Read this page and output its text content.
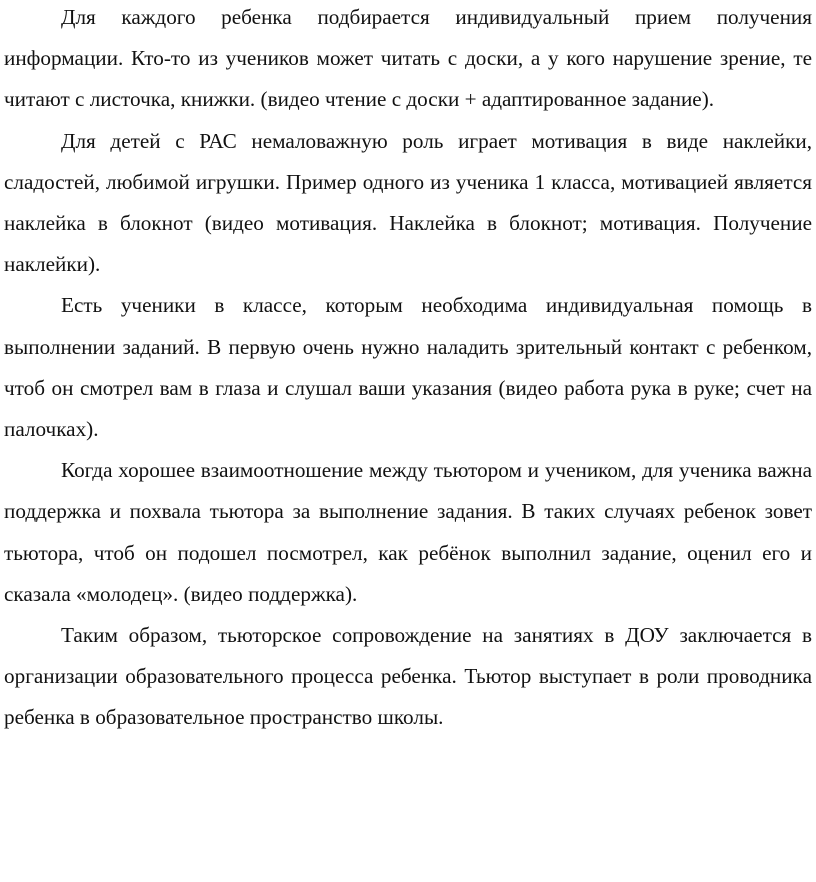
Для каждого ребенка подбирается индивидуальный прием получения информации. Кто-то из учеников может читать с доски, а у кого нарушение зрение, те читают с листочка, книжки. (видео чтение с доски + адаптированное задание).

Для детей с РАС немаловажную роль играет мотивация в виде наклейки, сладостей, любимой игрушки. Пример одного из ученика 1 класса, мотивацией является наклейка в блокнот (видео мотивация. Наклейка в блокнот; мотивация. Получение наклейки).

Есть ученики в классе, которым необходима индивидуальная помощь в выполнении заданий. В первую очень нужно наладить зрительный контакт с ребенком, чтоб он смотрел вам в глаза и слушал ваши указания (видео работа рука в руке; счет на палочках).

Когда хорошее взаимоотношение между тьютором и учеником, для ученика важна поддержка и похвала тьютора за выполнение задания. В таких случаях ребенок зовет тьютора, чтоб он подошел посмотрел, как ребёнок выполнил задание, оценил его и сказала «молодец». (видео поддержка).

Таким образом, тьюторское сопровождение на занятиях в ДОУ заключается в организации образовательного процесса ребенка. Тьютор выступает в роли проводника ребенка в образовательное пространство школы.
